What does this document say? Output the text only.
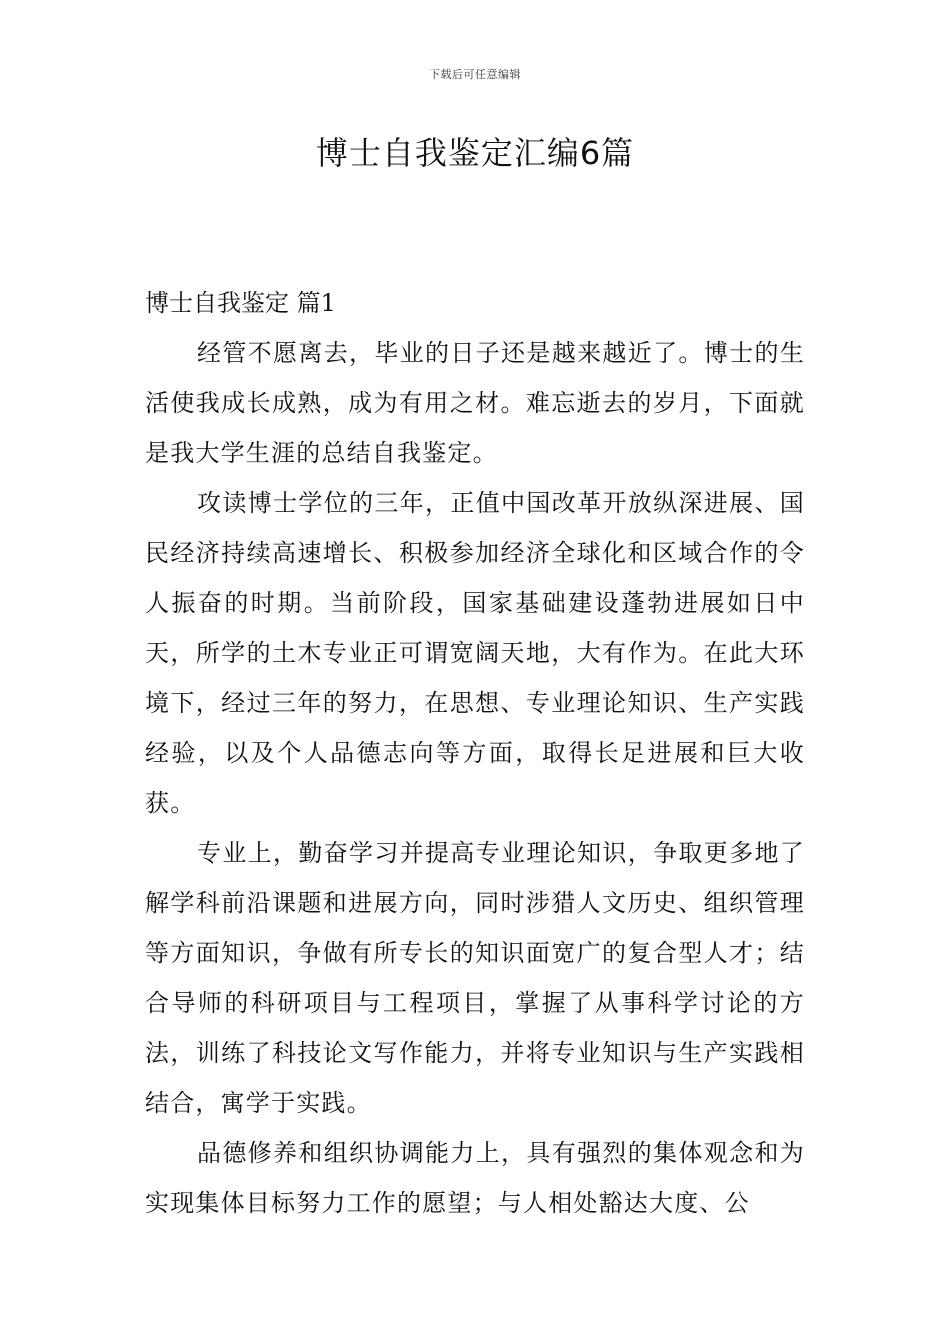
下载后可任意编辑
博士自我鉴定汇编6篇

博士自我鉴定 篇1

经管不愿离去，毕业的日子还是越来越近了。博士的生活使我成长成熟，成为有用之材。难忘逝去的岁月，下面就是我大学生涯的总结自我鉴定。

攻读博士学位的三年，正值中国改革开放纵深进展、国民经济持续高速增长、积极参加经济全球化和区域合作的令人振奋的时期。当前阶段，国家基础建设蓬勃进展如日中天，所学的土木专业正可谓宽阔天地，大有作为。在此大环境下，经过三年的努力，在思想、专业理论知识、生产实践经验，以及个人品德志向等方面，取得长足进展和巨大收获。

专业上，勤奋学习并提高专业理论知识，争取更多地了解学科前沿课题和进展方向，同时涉猎人文历史、组织管理等方面知识，争做有所专长的知识面宽广的复合型人才；结合导师的科研项目与工程项目，掌握了从事科学讨论的方法，训练了科技论文写作能力，并将专业知识与生产实践相结合，寓学于实践。

品德修养和组织协调能力上，具有强烈的集体观念和为实现集体目标努力工作的愿望；与人相处豁达大度、公
